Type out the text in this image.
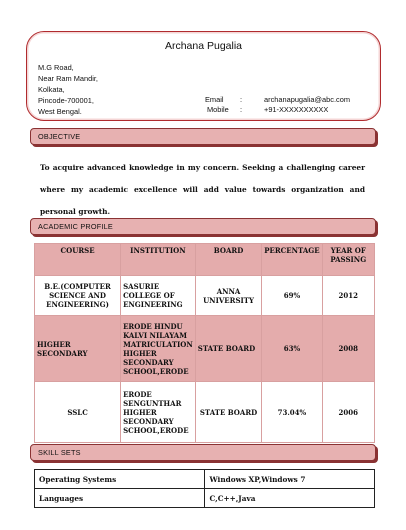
Archana Pugalia
M.G Road,
Near Ram Mandir,
Kolkata,
Pincode-700001,
West Bengal.
Email :	archanapugalia@abc.com
Mobile :	+91-XXXXXXXXXX
OBJECTIVE
To acquire advanced knowledge in my concern. Seeking a challenging career where my academic excellence will add value towards organization and personal growth.
ACADEMIC PROFILE
COURSE	INSTITUTION	BOARD	PERCENTAGE	YEAR OF PASSING
B.E.(COMPUTER SCIENCE AND ENGINEERING)	SASURIE COLLEGE OF ENGINEERING	ANNA UNIVERSITY	69%	2012
HIGHER SECONDARY	ERODE HINDU KALVI NILAYAM MATRICULATION HIGHER SECONDARY SCHOOL,ERODE	STATE BOARD	63%	2008
SSLC	ERODE SENGUNTHAR HIGHER SECONDARY SCHOOL,ERODE	STATE BOARD	73.04%	2006
SKILL SETS
Operating Systems	Windows XP,Windows 7
Languages	C,C++,Java
